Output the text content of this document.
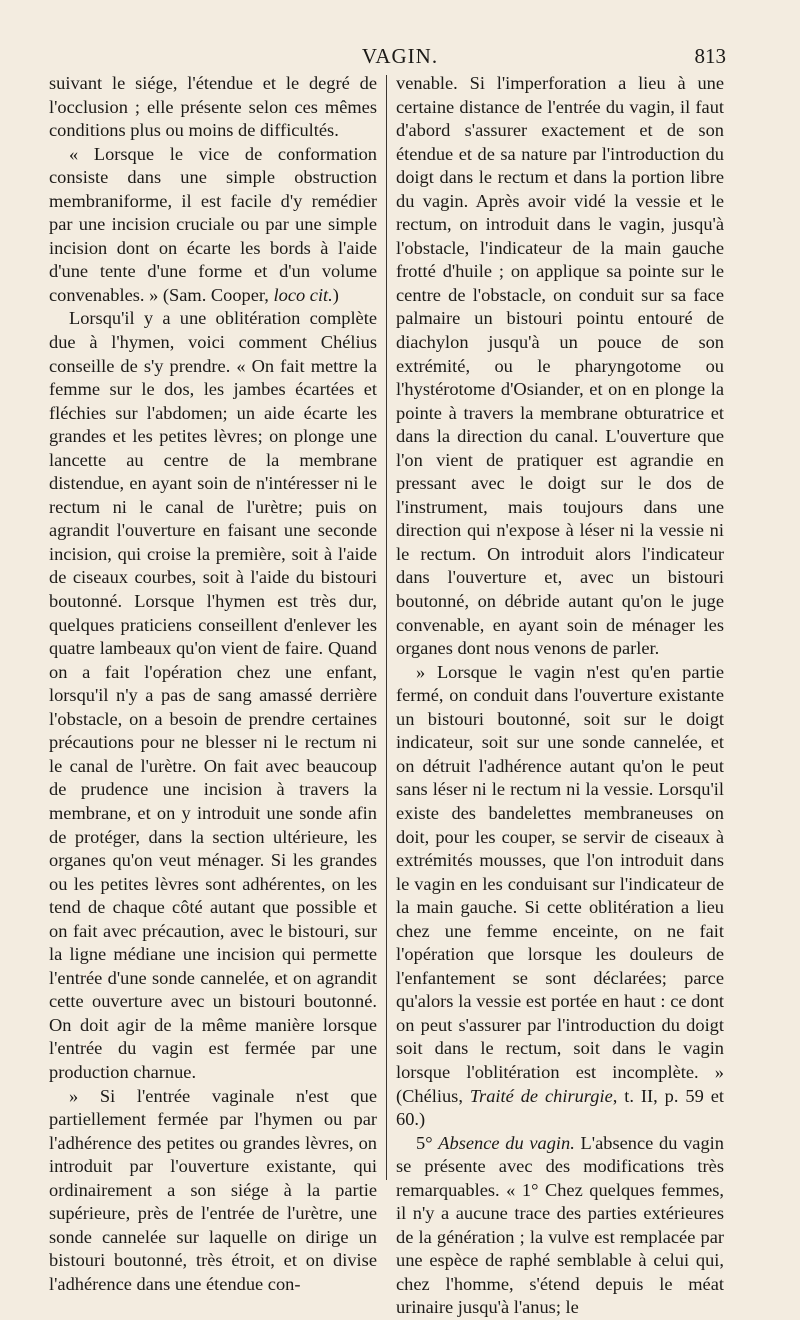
VAGIN.	813

suivant le siége, l'étendue et le degré de l'occlusion ; elle présente selon ces mêmes conditions plus ou moins de difficultés.

« Lorsque le vice de conformation consiste dans une simple obstruction membraniforme, il est facile d'y remédier par une incision cruciale ou par une simple incision dont on écarte les bords à l'aide d'une tente d'une forme et d'un volume convenables. » (Sam. Cooper, loco cit.)

Lorsqu'il y a une oblitération complète due à l'hymen, voici comment Chélius conseille de s'y prendre. « On fait mettre la femme sur le dos, les jambes écartées et fléchies sur l'abdomen; un aide écarte les grandes et les petites lèvres; on plonge une lancette au centre de la membrane distendue, en ayant soin de n'intéresser ni le rectum ni le canal de l'urètre; puis on agrandit l'ouverture en faisant une seconde incision, qui croise la première, soit à l'aide de ciseaux courbes, soit à l'aide du bistouri boutonné. Lorsque l'hymen est très dur, quelques praticiens conseillent d'enlever les quatre lambeaux qu'on vient de faire. Quand on a fait l'opération chez une enfant, lorsqu'il n'y a pas de sang amassé derrière l'obstacle, on a besoin de prendre certaines précautions pour ne blesser ni le rectum ni le canal de l'urètre. On fait avec beaucoup de prudence une incision à travers la membrane, et on y introduit une sonde afin de protéger, dans la section ultérieure, les organes qu'on veut ménager. Si les grandes ou les petites lèvres sont adhérentes, on les tend de chaque côté autant que possible et on fait avec précaution, avec le bistouri, sur la ligne médiane une incision qui permette l'entrée d'une sonde cannelée, et on agrandit cette ouverture avec un bistouri boutonné. On doit agir de la même manière lorsque l'entrée du vagin est fermée par une production charnue.

» Si l'entrée vaginale n'est que partiellement fermée par l'hymen ou par l'adhérence des petites ou grandes lèvres, on introduit par l'ouverture existante, qui ordinairement a son siége à la partie supérieure, près de l'entrée de l'urètre, une sonde cannelée sur laquelle on dirige un bistouri boutonné, très étroit, et on divise l'adhérence dans une étendue con-

venable. Si l'imperforation a lieu à une certaine distance de l'entrée du vagin, il faut d'abord s'assurer exactement et de son étendue et de sa nature par l'introduction du doigt dans le rectum et dans la portion libre du vagin. Après avoir vidé la vessie et le rectum, on introduit dans le vagin, jusqu'à l'obstacle, l'indicateur de la main gauche frotté d'huile ; on applique sa pointe sur le centre de l'obstacle, on conduit sur sa face palmaire un bistouri pointu entouré de diachylon jusqu'à un pouce de son extrémité, ou le pharyngotome ou l'hystérotome d'Osiander, et on en plonge la pointe à travers la membrane obturatrice et dans la direction du canal. L'ouverture que l'on vient de pratiquer est agrandie en pressant avec le doigt sur le dos de l'instrument, mais toujours dans une direction qui n'expose à léser ni la vessie ni le rectum. On introduit alors l'indicateur dans l'ouverture et, avec un bistouri boutonné, on débride autant qu'on le juge convenable, en ayant soin de ménager les organes dont nous venons de parler.

» Lorsque le vagin n'est qu'en partie fermé, on conduit dans l'ouverture existante un bistouri boutonné, soit sur le doigt indicateur, soit sur une sonde cannelée, et on détruit l'adhérence autant qu'on le peut sans léser ni le rectum ni la vessie. Lorsqu'il existe des bandelettes membraneuses on doit, pour les couper, se servir de ciseaux à extrémités mousses, que l'on introduit dans le vagin en les conduisant sur l'indicateur de la main gauche. Si cette oblitération a lieu chez une femme enceinte, on ne fait l'opération que lorsque les douleurs de l'enfantement se sont déclarées; parce qu'alors la vessie est portée en haut : ce dont on peut s'assurer par l'introduction du doigt soit dans le rectum, soit dans le vagin lorsque l'oblitération est incomplète. » (Chélius, Traité de chirurgie, t. II, p. 59 et 60.)

5° Absence du vagin. L'absence du vagin se présente avec des modifications très remarquables. « 1° Chez quelques femmes, il n'y a aucune trace des parties extérieures de la génération ; la vulve est remplacée par une espèce de raphé semblable à celui qui, chez l'homme, s'étend depuis le méat urinaire jusqu'à l'anus; le
